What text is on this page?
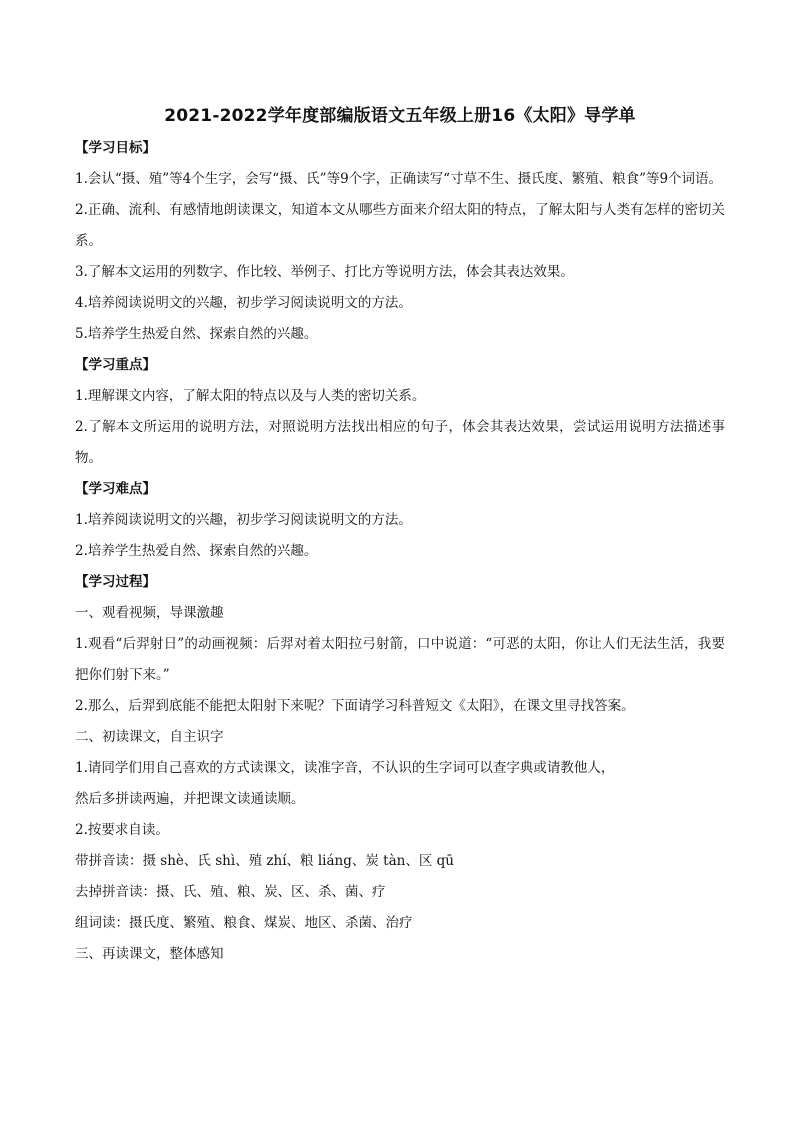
2021-2022学年度部编版语文五年级上册16《太阳》导学单

【学习目标】

1.会认“摄、殖”等4个生字，会写“摄、氏”等9个字，正确读写“寸草不生、摄氏度、繁殖、粮食”等9个词语。

2.正确、流利、有感情地朗读课文，知道本文从哪些方面来介绍太阳的特点，了解太阳与人类有怎样的密切关系。

3.了解本文运用的列数字、作比较、举例子、打比方等说明方法，体会其表达效果。

4.培养阅读说明文的兴趣，初步学习阅读说明文的方法。

5.培养学生热爱自然、探索自然的兴趣。

【学习重点】

1.理解课文内容，了解太阳的特点以及与人类的密切关系。

2.了解本文所运用的说明方法，对照说明方法找出相应的句子，体会其表达效果，尝试运用说明方法描述事物。

【学习难点】

1.培养阅读说明文的兴趣，初步学习阅读说明文的方法。

2.培养学生热爱自然、探索自然的兴趣。

【学习过程】

一、观看视频，导课激趣

1.观看“后羿射日”的动画视频：后羿对着太阳拉弓射箭，口中说道：“可恶的太阳，你让人们无法生活，我要把你们射下来。”

2.那么，后羿到底能不能把太阳射下来呢？下面请学习科普短文《太阳》，在课文里寻找答案。

二、初读课文，自主识字

1.请同学们用自己喜欢的方式读课文，读准字音，不认识的生字词可以查字典或请教他人，

然后多拼读两遍，并把课文读通读顺。

2.按要求自读。

带拼音读：摄 shè、氏 shì、殖 zhí、粮 liáng、炭 tàn、区 qū

去掉拼音读：摄、氏、殖、粮、炭、区、杀、菌、疗

组词读：摄氏度、繁殖、粮食、煤炭、地区、杀菌、治疗

三、再读课文，整体感知
